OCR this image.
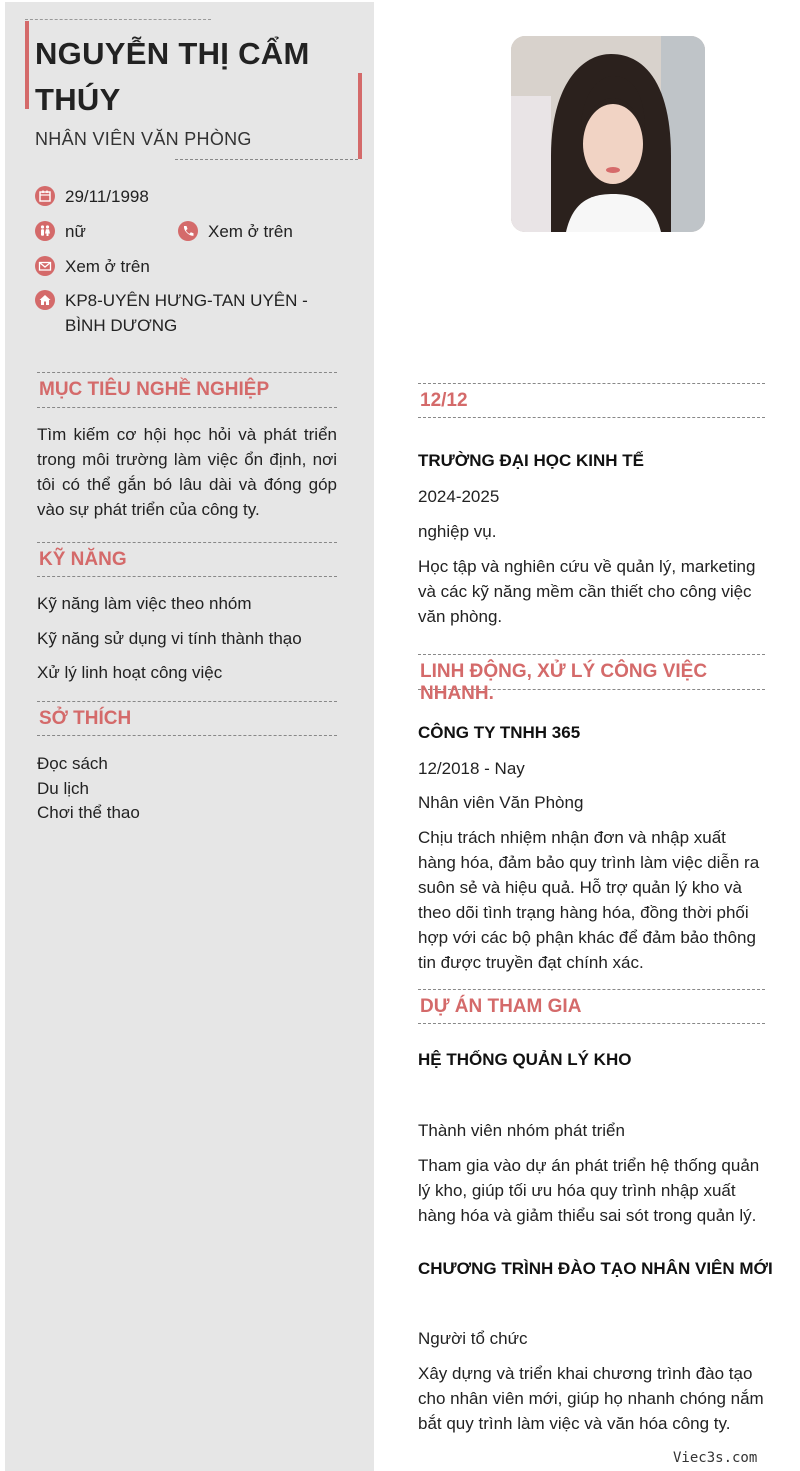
NGUYỄN THỊ CẨM THÚY
NHÂN VIÊN VĂN PHÒNG
29/11/1998
nữ	Xem ở trên
Xem ở trên
KP8-UYÊN HƯNG-TAN UYÊN - BÌNH DƯƠNG
MỤC TIÊU NGHỀ NGHIỆP
Tìm kiếm cơ hội học hỏi và phát triển trong môi trường làm việc ổn định, nơi tôi có thể gắn bó lâu dài và đóng góp vào sự phát triển của công ty.
KỸ NĂNG
Kỹ năng làm việc theo nhóm
Kỹ năng sử dụng vi tính thành thạo
Xử lý linh hoạt công việc
SỞ THÍCH
Đọc sách
Du lịch
Chơi thể thao
12/12
TRƯỜNG ĐẠI HỌC KINH TẾ
2024-2025
nghiệp vụ.
Học tập và nghiên cứu về quản lý, marketing và các kỹ năng mềm cần thiết cho công việc văn phòng.
LINH ĐỘNG, XỬ LÝ CÔNG VIỆC NHANH.
CÔNG TY TNHH 365
12/2018 - Nay
Nhân viên Văn Phòng
Chịu trách nhiệm nhận đơn và nhập xuất hàng hóa, đảm bảo quy trình làm việc diễn ra suôn sẻ và hiệu quả. Hỗ trợ quản lý kho và theo dõi tình trạng hàng hóa, đồng thời phối hợp với các bộ phận khác để đảm bảo thông tin được truyền đạt chính xác.
DỰ ÁN THAM GIA
HỆ THỐNG QUẢN LÝ KHO
Thành viên nhóm phát triển
Tham gia vào dự án phát triển hệ thống quản lý kho, giúp tối ưu hóa quy trình nhập xuất hàng hóa và giảm thiểu sai sót trong quản lý.
CHƯƠNG TRÌNH ĐÀO TẠO NHÂN VIÊN MỚI
Người tổ chức
Xây dựng và triển khai chương trình đào tạo cho nhân viên mới, giúp họ nhanh chóng nắm bắt quy trình làm việc và văn hóa công ty.
Viec3s.com
